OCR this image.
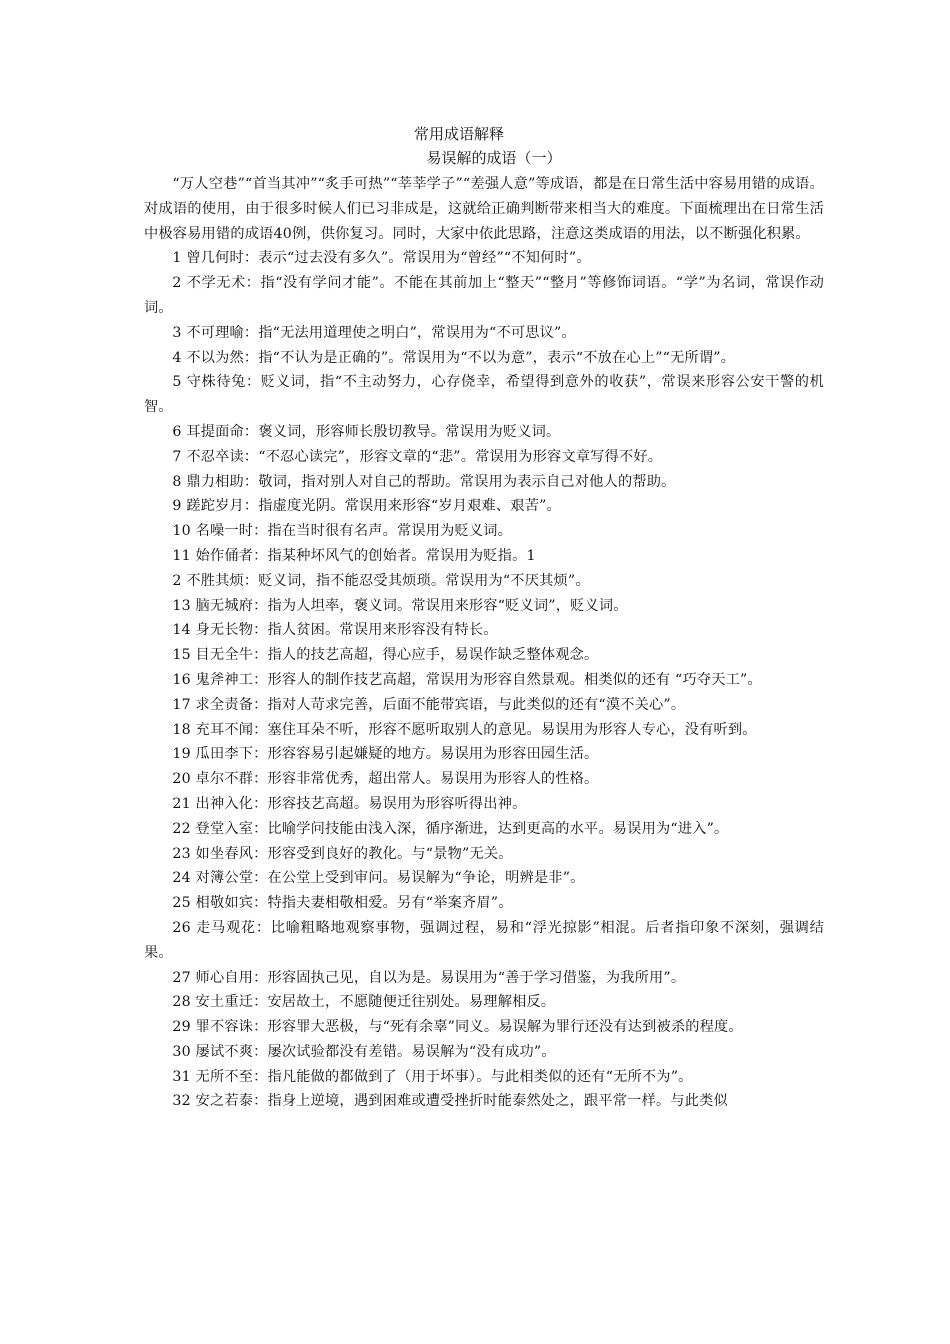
常用成语解释

易误解的成语（一）

“万人空巷”“首当其冲”“炙手可热”“莘莘学子”“差强人意”等成语，都是在日常生活中容易用错的成语。对成语的使用，由于很多时候人们已习非成是，这就给正确判断带来相当大的难度。下面梳理出在日常生活中极容易用错的成语40例，供你复习。同时，大家中依此思路，注意这类成语的用法，以不断强化积累。

1 曾几何时：表示“过去没有多久”。常误用为“曾经”“不知何时”。

2 不学无术：指“没有学问才能”。不能在其前加上“整天”“整月”等修饰词语。“学”为名词，常误作动词。

3 不可理喻：指“无法用道理使之明白”，常误用为“不可思议”。

4 不以为然：指“不认为是正确的”。常误用为“不以为意”，表示“不放在心上”“无所谓”。

5 守株待兔：贬义词，指“不主动努力，心存侥幸，希望得到意外的收获”，常误来形容公安干警的机智。

6 耳提面命：褒义词，形容师长殷切教导。常误用为贬义词。

7 不忍卒读：“不忍心读完”，形容文章的“悲”。常误用为形容文章写得不好。

8 鼎力相助：敬词，指对别人对自己的帮助。常误用为表示自己对他人的帮助。

9 蹉跎岁月：指虚度光阴。常误用来形容“岁月艰难、艰苦”。

10 名噪一时：指在当时很有名声。常误用为贬义词。

11 始作俑者：指某种坏风气的创始者。常误用为贬指。1

2 不胜其烦：贬义词，指不能忍受其烦琐。常误用为“不厌其烦”。

13 脑无城府：指为人坦率，褒义词。常误用来形容“贬义词”，贬义词。

14 身无长物：指人贫困。常误用来形容没有特长。

15 目无全牛：指人的技艺高超，得心应手，易误作缺乏整体观念。

16 鬼斧神工：形容人的制作技艺高超，常误用为形容自然景观。相类似的还有 “巧夺天工”。

17 求全责备：指对人苛求完善，后面不能带宾语，与此类似的还有“漠不关心”。

18 充耳不闻：塞住耳朵不听，形容不愿听取别人的意见。易误用为形容人专心，没有听到。

19 瓜田李下：形容容易引起嫌疑的地方。易误用为形容田园生活。

20 卓尔不群：形容非常优秀，超出常人。易误用为形容人的性格。

21 出神入化：形容技艺高超。易误用为形容听得出神。

22 登堂入室：比喻学问技能由浅入深，循序渐进，达到更高的水平。易误用为“进入”。

23 如坐春风：形容受到良好的教化。与“景物”无关。

24 对簿公堂：在公堂上受到审问。易误解为“争论，明辨是非”。

25 相敬如宾：特指夫妻相敬相爱。另有“举案齐眉”。

26 走马观花：比喻粗略地观察事物，强调过程，易和“浮光掠影”相混。后者指印象不深刻，强调结果。

27 师心自用：形容固执己见，自以为是。易误用为“善于学习借鉴，为我所用”。

28 安土重迁：安居故土，不愿随便迁往别处。易理解相反。

29 罪不容诛：形容罪大恶极，与“死有余辜”同义。易误解为罪行还没有达到被杀的程度。

30 屡试不爽：屡次试验都没有差错。易误解为“没有成功”。

31 无所不至：指凡能做的都做到了（用于坏事）。与此相类似的还有“无所不为”。

32 安之若泰：指身上逆境，遇到困难或遭受挫折时能泰然处之，跟平常一样。与此类似
